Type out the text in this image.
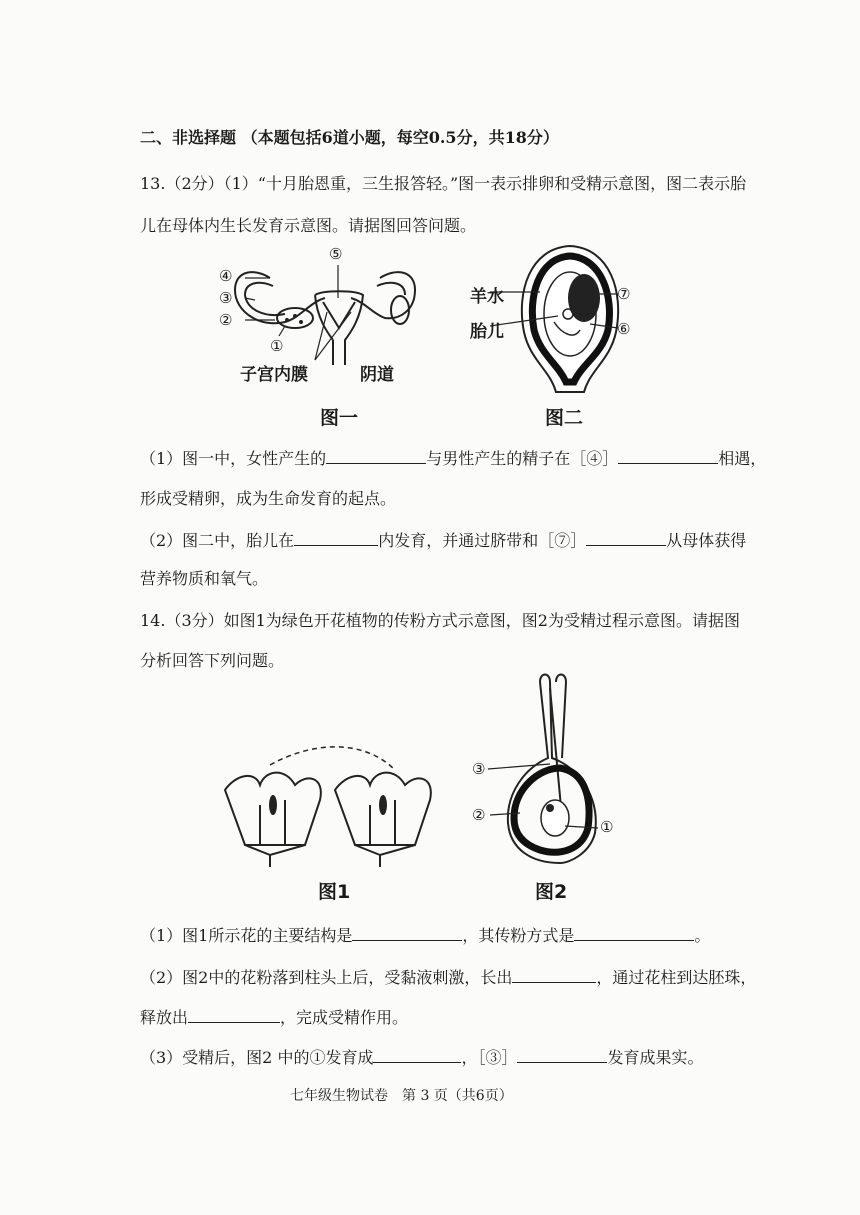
二、非选择题 （本题包括6道小题，每空0.5分，共18分）
13.（2分）（1）“十月胎恩重，三生报答轻。”图一表示排卵和受精示意图，图二表示胎
儿在母体内生长发育示意图。请据图回答问题。
④
③
②
①
⑤
子宫内膜	阴道
图一
羊水
胎儿
⑦
⑥
图二
（1）图一中，女性产生的	与男性产生的精子在［④］	相遇，
形成受精卵，成为生命发育的起点。
（2）图二中，胎儿在	内发育，并通过脐带和［⑦］	从母体获得
营养物质和氧气。
14.（3分）如图1为绿色开花植物的传粉方式示意图，图2为受精过程示意图。请据图
分析回答下列问题。
图1
③
②
①
图2
（1）图1所示花的主要结构是	，其传粉方式是	。
（2）图2中的花粉落到柱头上后，受黏液刺激，长出	，通过花柱到达胚珠，
释放出	，完成受精作用。
（3）受精后，图2 中的①发育成	，［③］	发育成果实。
七年级生物试卷　第 3 页（共6页）
